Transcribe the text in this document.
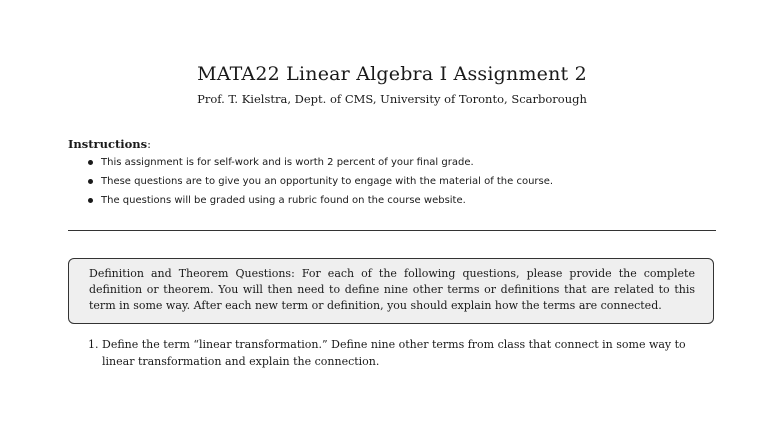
MATA22 Linear Algebra I Assignment 2
Prof. T. Kielstra, Dept. of CMS, University of Toronto, Scarborough
Instructions:
This assignment is for self-work and is worth 2 percent of your final grade.
These questions are to give you an opportunity to engage with the material of the course.
The questions will be graded using a rubric found on the course website.
Definition and Theorem Questions: For each of the following questions, please provide the complete definition or theorem. You will then need to define nine other terms or definitions that are related to this term in some way. After each new term or definition, you should explain how the terms are connected.
1. Define the term “linear transformation.” Define nine other terms from class that connect in some way to linear transformation and explain the connection.
